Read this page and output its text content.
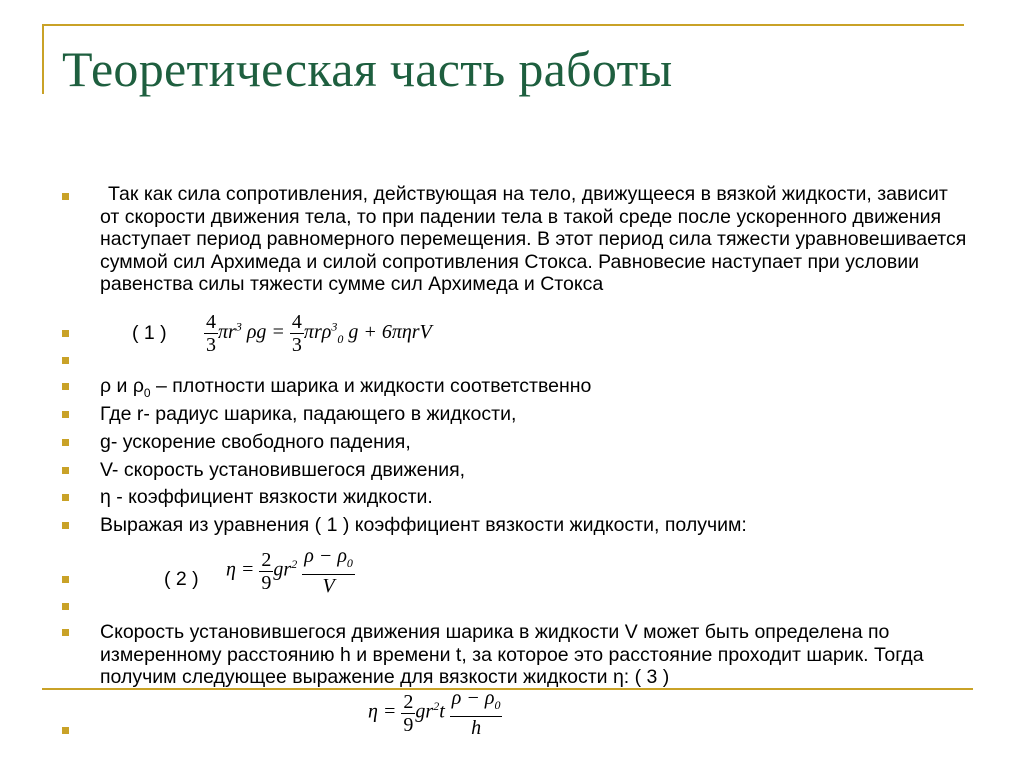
Теоретическая часть работы
Так как сила сопротивления, действующая на тело, движущееся в вязкой жидкости, зависит от скорости движения тела, то при падении тела в такой среде после ускоренного движения наступает период равномерного перемещения. В этот период сила тяжести уравновешивается суммой сил Архимеда и силой сопротивления Стокса. Равновесие наступает при условии равенства силы тяжести сумме сил Архимеда и Стокса
( 1 ) $\frac{4}{3} \pi r^3$ $\rho g = \frac{4}{3} \pi r\rho^3_0$ g + 6πηrV
ρ и $\rho_0$ – плотности шарика и жидкости соответственно
Где r- радиус шарика, падающего в жидкости,
g- ускорение свободного падения,
V- скорость установившегося движения,
η - коэффициент вязкости жидкости.
Выражая из уравнения ( 1 ) коэффициент вязкости жидкости, получим:
( 2 ) $\eta = \frac{2}{9} gr^2 \frac{\rho - \rho_0}{V}$
Скорость установившегося движения шарика в жидкости V может быть определена по измеренному расстоянию h и времени t, за которое это расстояние проходит шарик. Тогда получим следующее выражение для вязкости жидкости η: ( 3 )
$\eta = \frac{2}{9} gr^2t \frac{\rho - \rho_0}{h}$
